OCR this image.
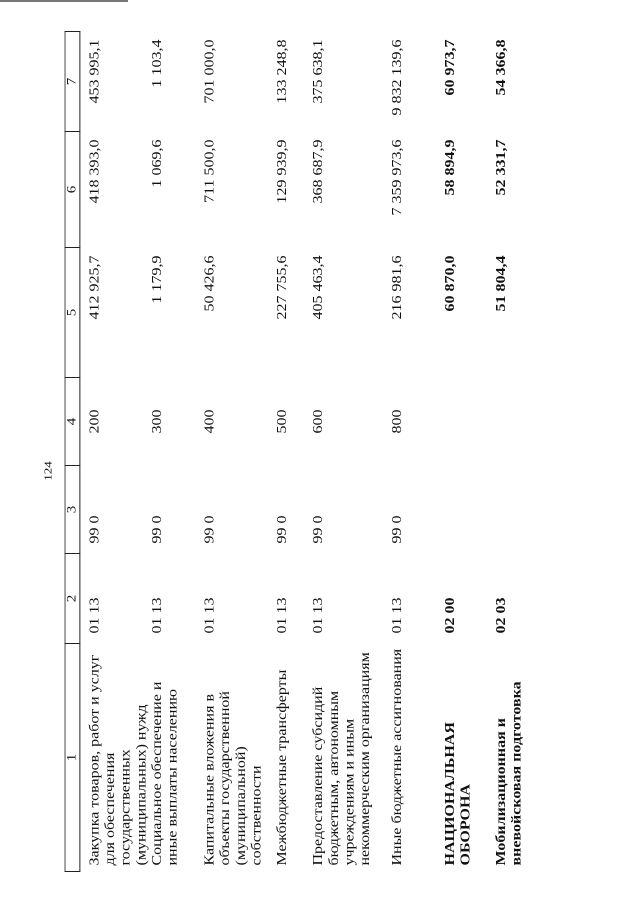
124
1	2	3	4	5	6	7
Закупка товаров, работ и услуг для обеспечения государственных (муниципальных) нужд	01 13	99 0	200	412 925,7	418 393,0	453 995,1
Социальное обеспечение и иные выплаты населению	01 13	99 0	300	1 179,9	1 069,6	1 103,4
Капитальные вложения в объекты государственной (муниципальной) собственности	01 13	99 0	400	50 426,6	711 500,0	701 000,0
Межбюджетные трансферты	01 13	99 0	500	227 755,6	129 939,9	133 248,8
Предоставление субсидий бюджетным, автономным учреждениям и иным некоммерческим организациям	01 13	99 0	600	405 463,4	368 687,9	375 638,1
Иные бюджетные ассигнования	01 13	99 0	800	216 981,6	7 359 973,6	9 832 139,6
НАЦИОНАЛЬНАЯ ОБОРОНА	02 00			60 870,0	58 894,9	60 973,7
Мобилизационная и вневойсковая подготовка	02 03			51 804,4	52 331,7	54 366,8
